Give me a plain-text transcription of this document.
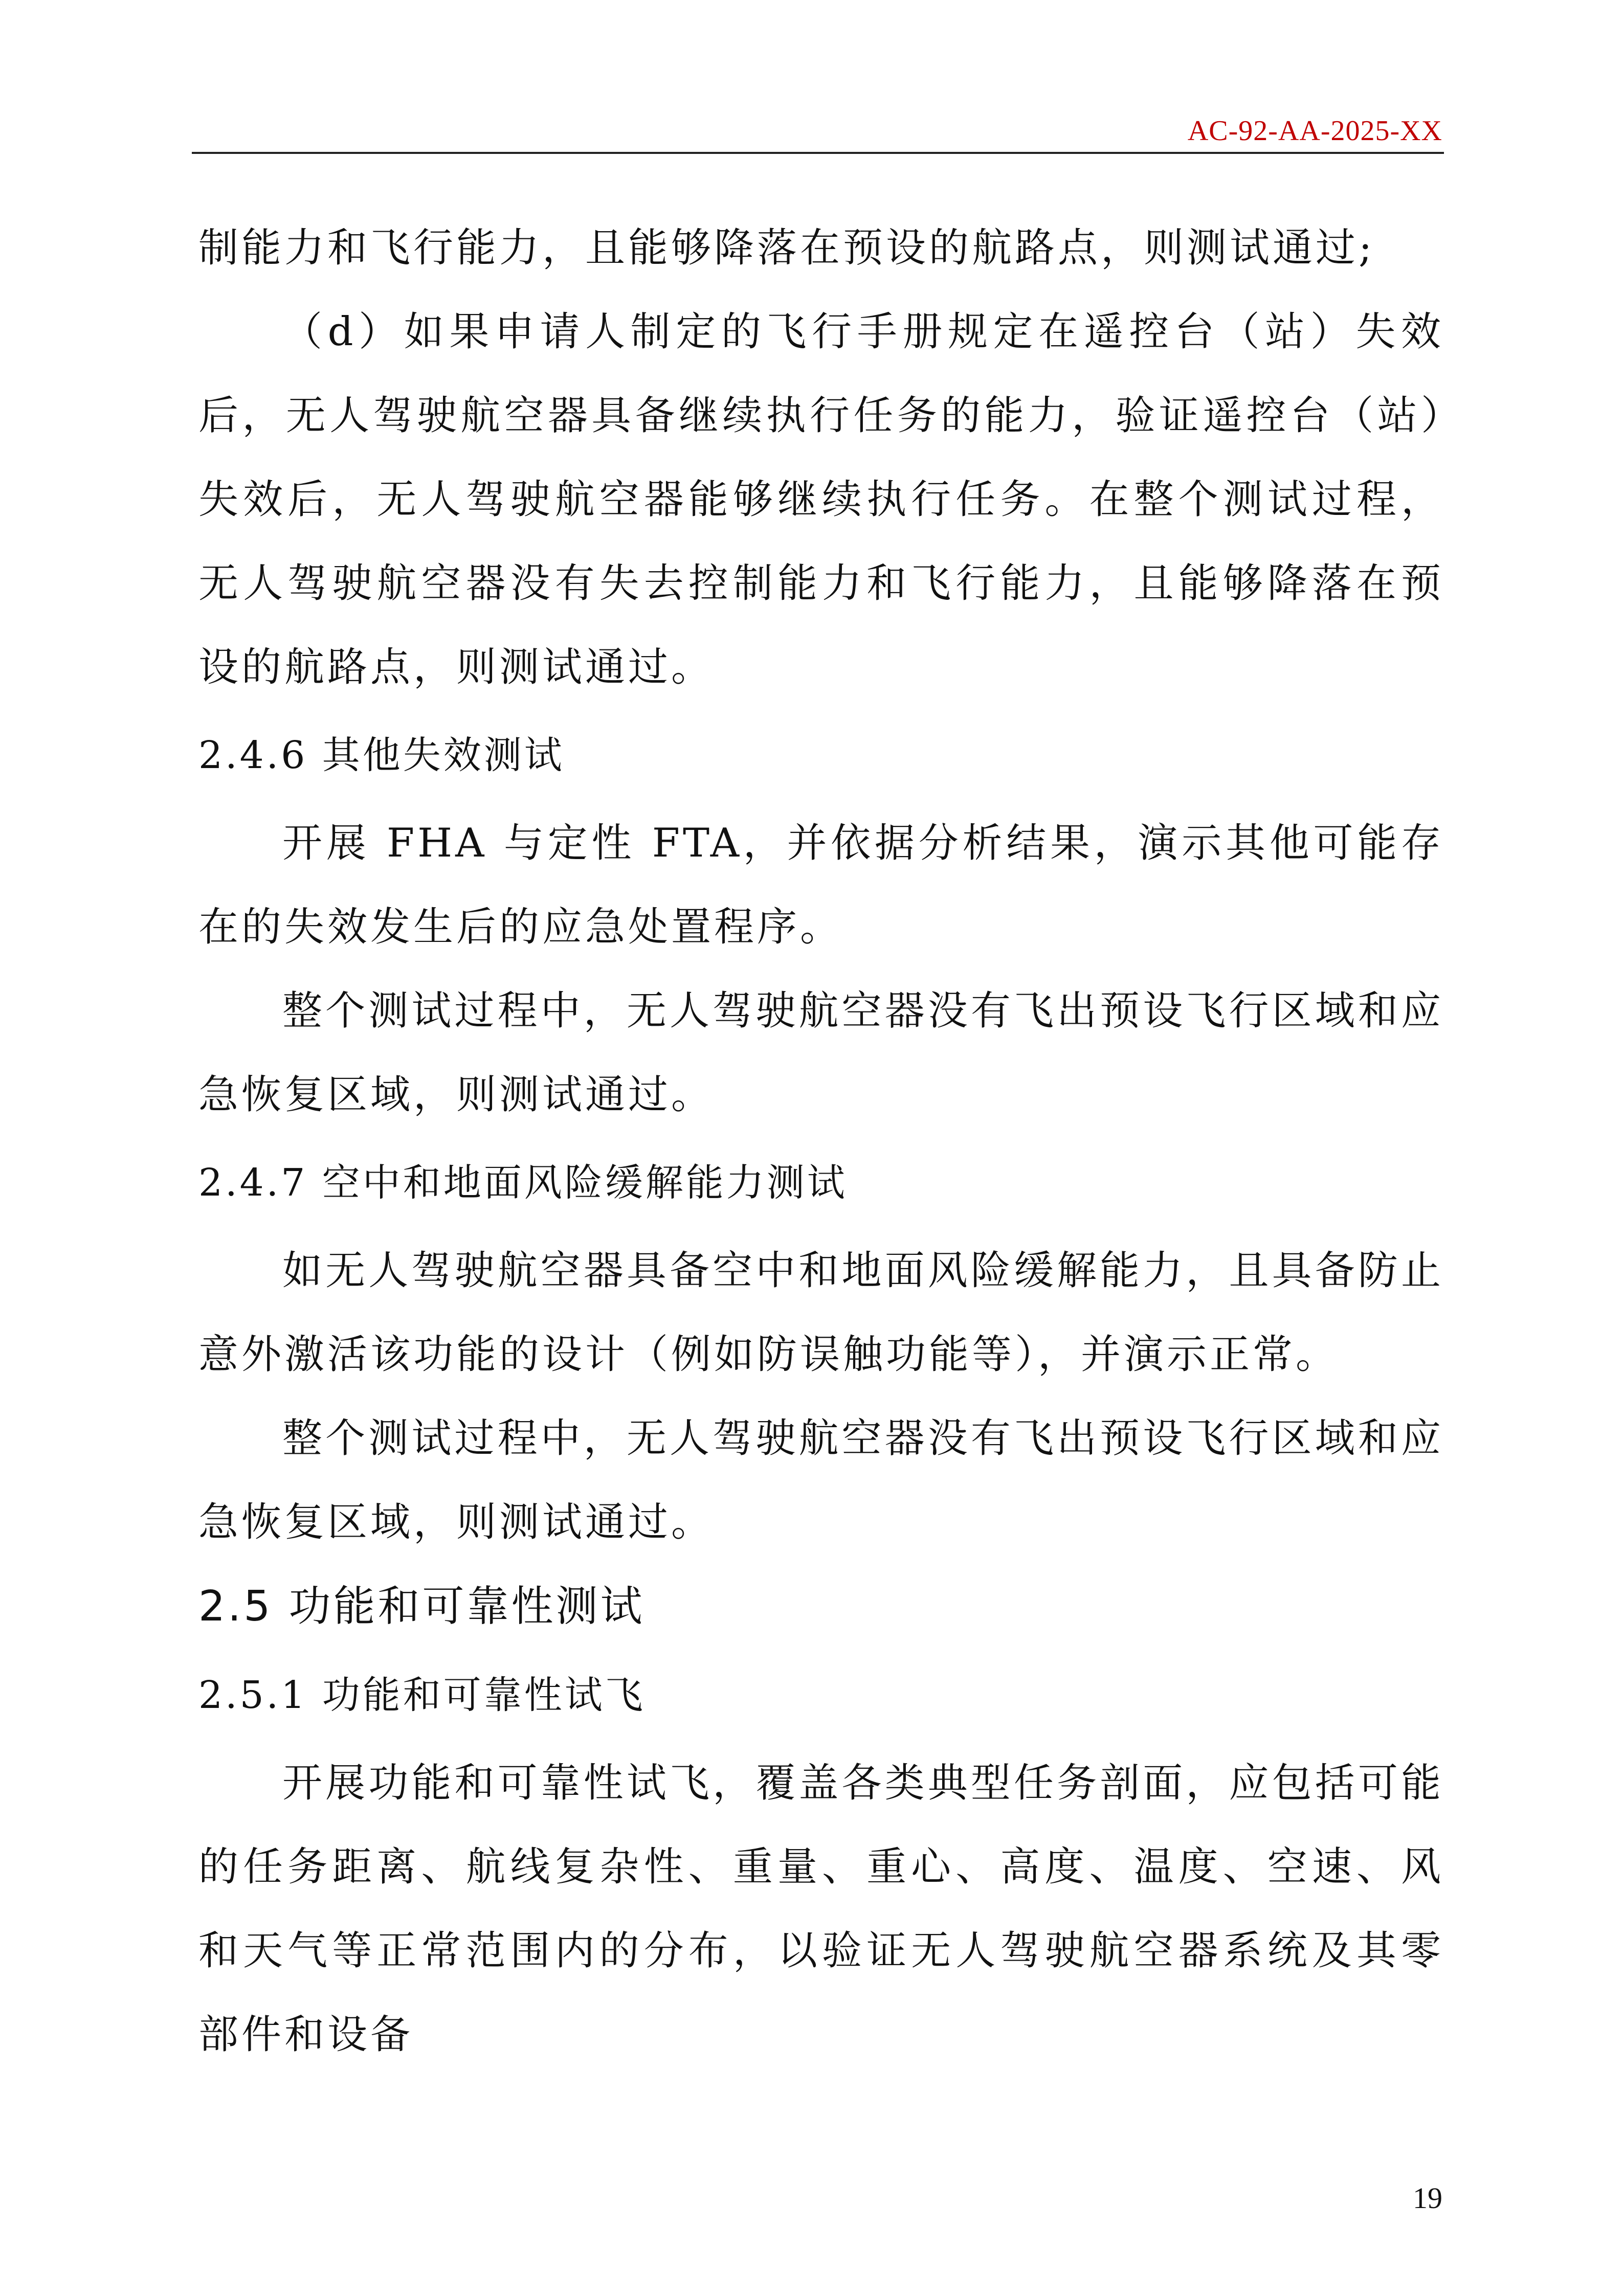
AC-92-AA-2025-XX

制能力和飞行能力，且能够降落在预设的航路点，则测试通过;

（d）如果申请人制定的飞行手册规定在遥控台（站）失效后，无人驾驶航空器具备继续执行任务的能力，验证遥控台（站）失效后，无人驾驶航空器能够继续执行任务。在整个测试过程，无人驾驶航空器没有失去控制能力和飞行能力，且能够降落在预设的航路点，则测试通过。

2.4.6 其他失效测试

开展 FHA 与定性 FTA，并依据分析结果，演示其他可能存在的失效发生后的应急处置程序。

整个测试过程中，无人驾驶航空器没有飞出预设飞行区域和应急恢复区域，则测试通过。

2.4.7 空中和地面风险缓解能力测试

如无人驾驶航空器具备空中和地面风险缓解能力，且具备防止意外激活该功能的设计（例如防误触功能等），并演示正常。

整个测试过程中，无人驾驶航空器没有飞出预设飞行区域和应急恢复区域，则测试通过。

2.5 功能和可靠性测试

2.5.1 功能和可靠性试飞

开展功能和可靠性试飞，覆盖各类典型任务剖面，应包括可能的任务距离、航线复杂性、重量、重心、高度、温度、空速、风和天气等正常范围内的分布，以验证无人驾驶航空器系统及其零部件和设备

19
